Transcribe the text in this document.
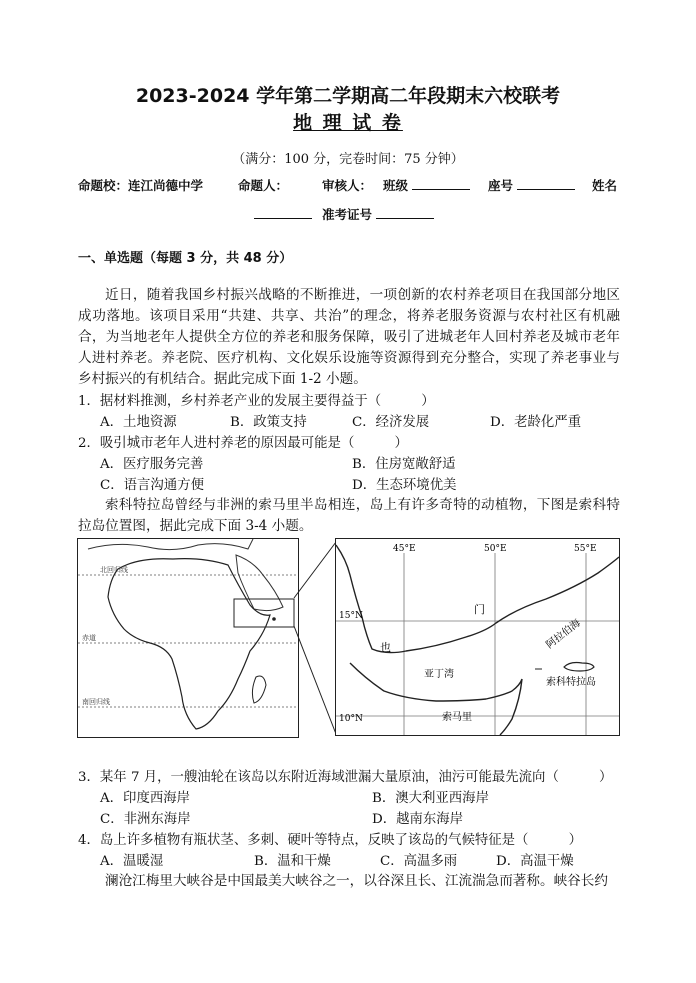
2023-2024 学年第二学期高二年段期末六校联考
地 理 试 卷
（满分：100 分，完卷时间：75 分钟）
命题校：连江尚德中学	命题人：	审核人： 班级	座号	姓名
准考证号
一、单选题（每题 3 分，共 48 分）
近日，随着我国乡村振兴战略的不断推进，一项创新的农村养老项目在我国部分地区成功落地。该项目采用“共建、共享、共治”的理念，将养老服务资源与农村社区有机融合，为当地老年人提供全方位的养老和服务保障，吸引了进城老年人回村养老及城市老年人进村养老。养老院、医疗机构、文化娱乐设施等资源得到充分整合，实现了养老事业与乡村振兴的有机结合。据此完成下面 1-2 小题。
1．据材料推测，乡村养老产业的发展主要得益于（　　　）
A．土地资源	B．政策支持	C．经济发展	D．老龄化严重
2．吸引城市老年人进村养老的原因最可能是（　　　）
A．医疗服务完善	B．住房宽敞舒适
C．语言沟通方便	D．生态环境优美
索科特拉岛曾经与非洲的索马里半岛相连，岛上有许多奇特的动植物，下图是索科特拉岛位置图，据此完成下面 3-4 小题。
北回归线
赤道
南回归线
45°E	50°E	55°E
15°N
10°N
门
也	阿拉伯海
亚丁湾
索科特拉岛
索马里
3．某年 7 月，一艘油轮在该岛以东附近海域泄漏大量原油，油污可能最先流向（　　　）
A．印度西海岸	B．澳大利亚西海岸
C．非洲东海岸	D．越南东海岸
4．岛上许多植物有瓶状茎、多刺、硬叶等特点，反映了该岛的气候特征是（　　　）
A．温暖湿	B．温和干燥	C．高温多雨	D．高温干燥
澜沧江梅里大峡谷是中国最美大峡谷之一，以谷深且长、江流湍急而著称。峡谷长约
